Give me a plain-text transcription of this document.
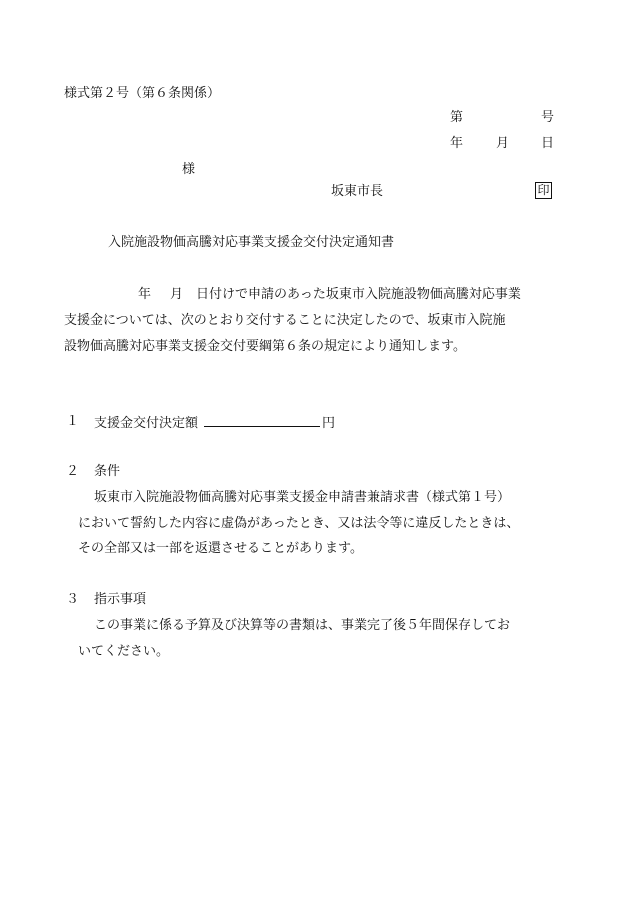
様式第２号（第６条関係）
第	号
年	月 日
様
坂東市長	印
入院施設物価高騰対応事業支援金交付決定通知書
年 月 日付けで申請のあった坂東市入院施設物価高騰対応事業
支援金については、次のとおり交付することに決定したので、坂東市入院施
設物価高騰対応事業支援金交付要綱第６条の規定により通知します。
１ 支援金交付決定額	円
２ 条件
坂東市入院施設物価高騰対応事業支援金申請書兼請求書（様式第１号）
において誓約した内容に虚偽があったとき、又は法令等に違反したときは、
その全部又は一部を返還させることがあります。
３ 指示事項
この事業に係る予算及び決算等の書類は、事業完了後５年間保存してお
いてください。
